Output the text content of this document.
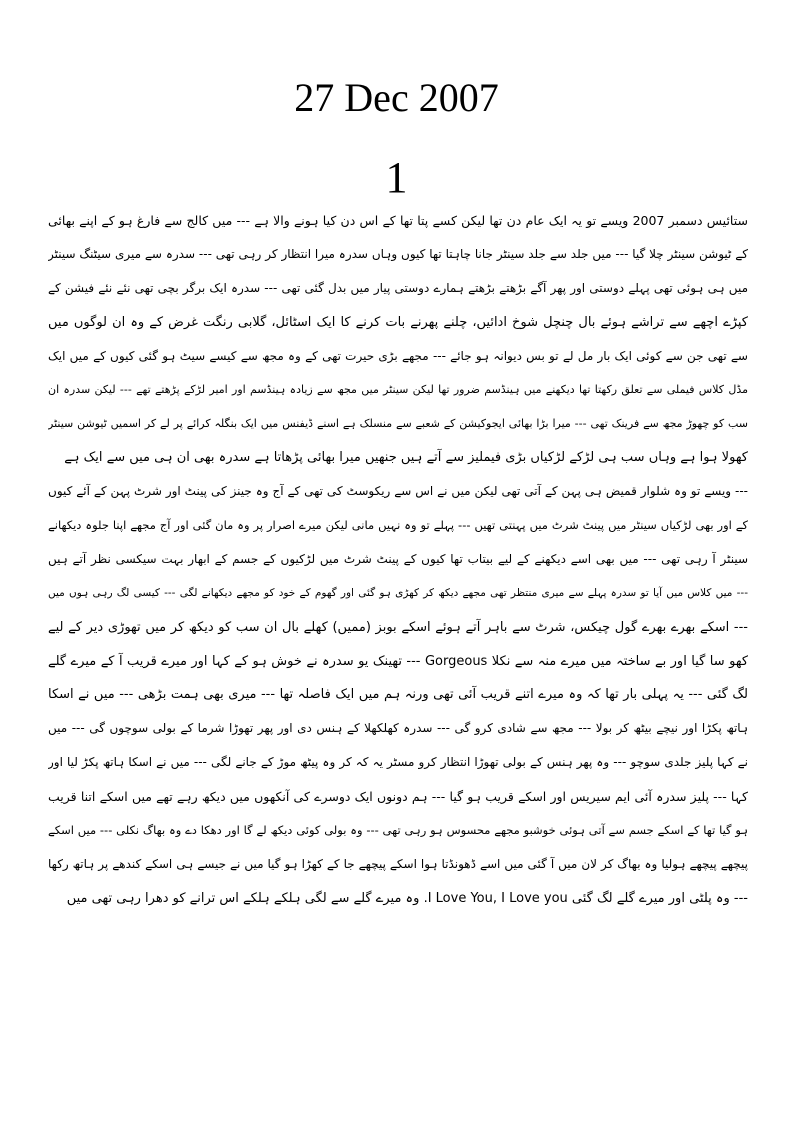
27 Dec 2007
1
ستائیس دسمبر 2007 ویسے تو یہ ایک عام دن تھا لیکن کسے پتا تھا کے اس دن کیا ہونے والا ہے --- میں کالج سے فارغ ہو کے اپنے بھائی
کے ٹیوشن سینٹر چلا گیا --- میں جلد سے جلد سینٹر جانا چاہتا تھا کیوں وہاں سدرہ میرا انتظار کر رہی تھی --- سدرہ سے میری سیٹنگ سینٹر
میں ہی ہوئی تھی پہلے دوستی اور پھر آگے بڑھتے بڑھتے ہمارے دوستی پیار میں بدل گئی تھی --- سدرہ ایک برگر بچی تھی نئے نئے فیشن کے
کپڑے اچھے سے تراشے ہوئے بال چنچل شوخ ادائیں، چلنے پھرنے بات کرنے کا ایک اسٹائل، گلابی رنگت غرض کے وہ ان لوگوں میں
سے تھی جن سے کوئی ایک بار مل لے تو بس دیوانہ ہو جائے --- مجھے بڑی حیرت تھی کے وہ مجھ سے کیسے سیٹ ہو گئی کیوں کے میں ایک
مڈل کلاس فیملی سے تعلق رکھتا تھا دیکھنے میں ہینڈسم ضرور تھا لیکن سینٹر میں مجھ سے زیادہ ہینڈسم اور امیر لڑکے پڑھتے تھے --- لیکن سدرہ ان
سب کو چھوڑ مجھ سے فرینک تھی --- میرا بڑا بھائی ایجوکیشن کے شعبے سے منسلک ہے اسنے ڈیفنس میں ایک بنگلہ کرائے پر لے کر اسمیں ٹیوشن سینٹر
کھولا ہوا ہے وہاں سب ہی لڑکے لڑکیاں بڑی فیملیز سے آتے ہیں جنھیں میرا بھائی پڑھاتا ہے سدرہ بھی ان ہی میں سے ایک ہے
--- ویسے تو وہ شلوار قمیض ہی پہن کے آتی تھی لیکن میں نے اس سے ریکوسٹ کی تھی کے آج وہ جینز کی پینٹ اور شرٹ پہن کے آئے کیوں
کے اور بھی لڑکیاں سینٹر میں پینٹ شرٹ میں پہنتی تھیں --- پہلے تو وہ نہیں مانی لیکن میرے اصرار پر وہ مان گئی اور آج مجھے اپنا جلوہ دیکھانے
سینٹر آ رہی تھی --- میں بھی اسے دیکھنے کے لیے بیتاب تھا کیوں کے پینٹ شرٹ میں لڑکیوں کے جسم کے ابھار بہت سیکسی نظر آتے ہیں
--- میں کلاس میں آیا تو سدرہ پہلے سے میری منتظر تھی مجھے دیکھ کر کھڑی ہو گئی اور گھوم کے خود کو مجھے دیکھانے لگی --- کیسی لگ رہی ہوں میں
--- اسکے بھرے بھرے گول چیکس، شرٹ سے باہر آتے ہوئے اسکے بوبز (ممیں) کھلے بال ان سب کو دیکھ کر میں تھوڑی دیر کے لیے
کھو سا گیا اور بے ساختہ میں میرے منہ سے نکلا Gorgeous --- تھینک یو سدرہ نے خوش ہو کے کہا اور میرے قریب آ کے میرے گلے
لگ گئی --- یہ پہلی بار تھا کہ وہ میرے اتنے قریب آئی تھی ورنہ ہم میں ایک فاصلہ تھا --- میری بھی ہمت بڑھی --- میں نے اسکا
ہاتھ پکڑا اور نیچے بیٹھ کر بولا --- مجھ سے شادی کرو گی --- سدرہ کھلکھلا کے ہنس دی اور پھر تھوڑا شرما کے بولی سوچوں گی --- میں
نے کہا پلیز جلدی سوچو --- وہ پھر ہنس کے بولی تھوڑا انتظار کرو مسٹر یہ کہ کر وہ پیٹھ موڑ کے جانے لگی --- میں نے اسکا ہاتھ پکڑ لیا اور
کہا --- پلیز سدرہ آئی ایم سیریس اور اسکے قریب ہو گیا --- ہم دونوں ایک دوسرے کی آنکھوں میں دیکھ رہے تھے میں اسکے اتنا قریب
ہو گیا تھا کے اسکے جسم سے آتی ہوئی خوشبو مجھے محسوس ہو رہی تھی --- وہ بولی کوئی دیکھ لے گا اور دھکا دے وہ بھاگ نکلی --- میں اسکے
پیچھے پیچھے ہولیا وہ بھاگ کر لان میں آ گئی میں اسے ڈھونڈتا ہوا اسکے پیچھے جا کے کھڑا ہو گیا میں نے جیسے ہی اسکے کندھے پر ہاتھ رکھا
--- وہ پلٹی اور میرے گلے لگ گئی I Love You, I Love you. وہ میرے گلے سے لگی ہلکے ہلکے اس ترانے کو دھرا رہی تھی میں
